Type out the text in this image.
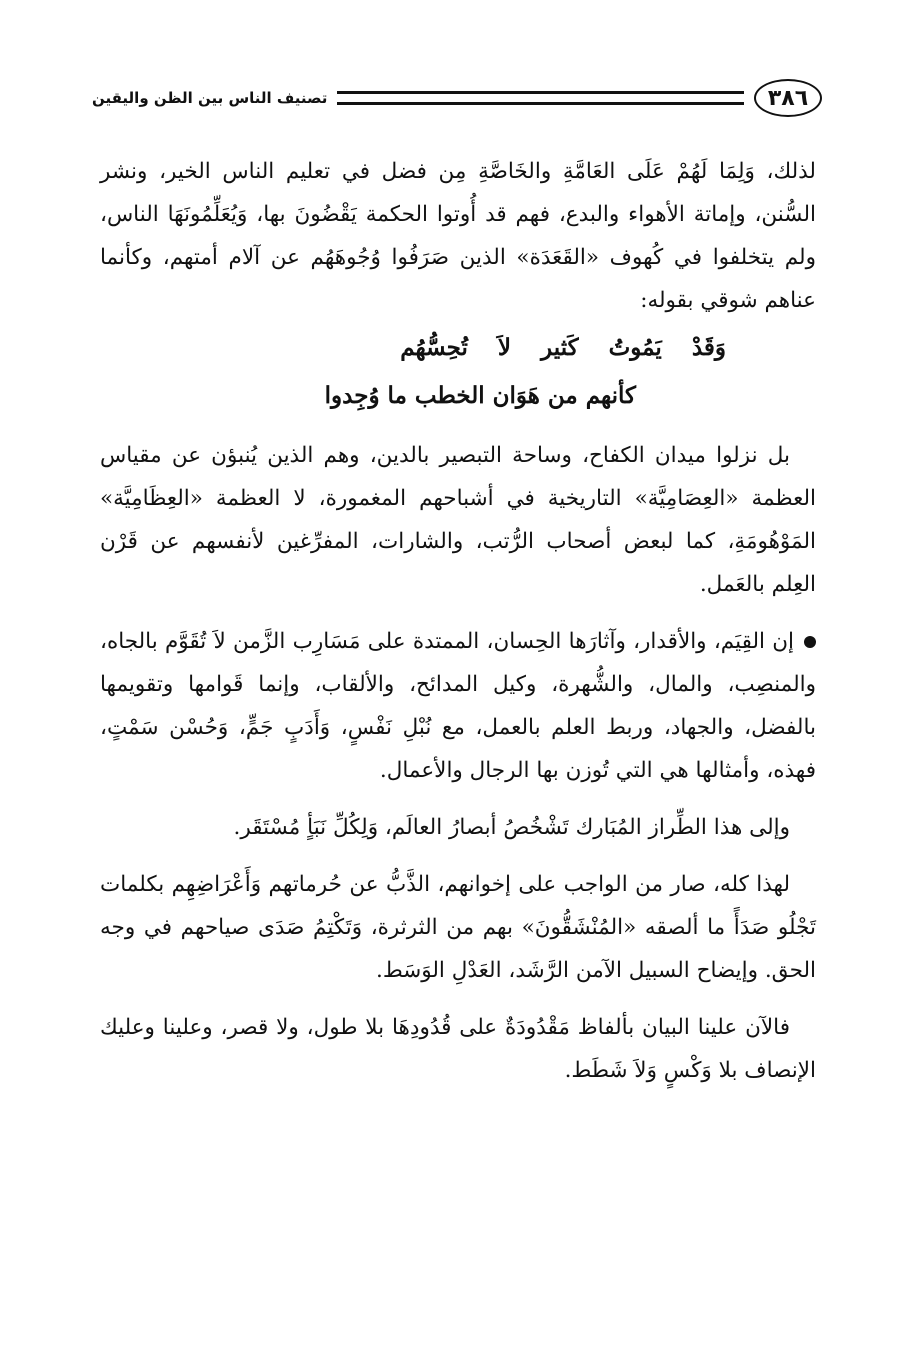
٣٨٦
تصنيف الناس بين الظن واليقين

لذلك، وَلِمَا لَهُمْ عَلَى العَامَّةِ والخَاصَّةِ مِن فضل في تعليم الناس الخير، ونشر السُّنن، وإماتة الأهواء والبدع، فهم قد أُوتوا الحكمة يَقْضُونَ بها، وَيُعَلِّمُونَهَا الناس، ولم يتخلفوا في كُهوف «القَعَدَة» الذين صَرَفُوا وُجُوهَهُم عن آلام أمتهم، وكأنما عناهم شوقي بقوله:

وَقَدْ يَمُوتُ كَثير لاَ تُحِسُّهُم
كأنهم من هَوَان الخطب ما وُجِدوا

بل نزلوا ميدان الكفاح، وساحة التبصير بالدين، وهم الذين يُنبؤن عن مقياس العظمة «العِصَامِيَّة» التاريخية في أشباحهم المغمورة، لا العظمة «العِظَامِيَّة» المَوْهُومَةِ، كما لبعض أصحاب الرُّتب، والشارات، المفرِّغين لأنفسهم عن قَرْن العِلم بالعَمل.

إن القِيَم، والأقدار، وآثارَها الحِسان، الممتدة على مَسَارِب الزَّمن لاَ تُقَوَّم بالجاه، والمنصِب، والمال، والشُّهرة، وكيل المدائح، والألقاب، وإنما قَوامها وتقويمها بالفضل، والجهاد، وربط العلم بالعمل، مع نُبْلِ نَفْسٍ، وَأَدَبٍ جَمٍّ، وَحُسْن سَمْتٍ، فهذه، وأمثالها هي التي تُوزن بها الرجال والأعمال.

وإلى هذا الطِّراز المُبَارك تَشْخُصُ أبصارُ العالَم، وَلِكُلِّ نَبَأٍ مُسْتَقَر.

لهذا كله، صار من الواجب على إخوانهم، الذَّبُّ عن حُرماتهم وَأَعْرَاضِهِم بكلمات تَجْلُو صَدَأً ما ألصقه «المُنْشَقُّونَ» بهم من الثرثرة، وَتَكْتِمُ صَدَى صياحهم في وجه الحق. وإيضاح السبيل الآمن الرَّشَد، العَدْلِ الوَسَط.

فالآن علينا البيان بألفاظ مَقْدُودَةٌ على قُدُودِهَا بلا طول، ولا قصر، وعلينا وعليك الإنصاف بلا وَكْسٍ وَلاَ شَطَط.
